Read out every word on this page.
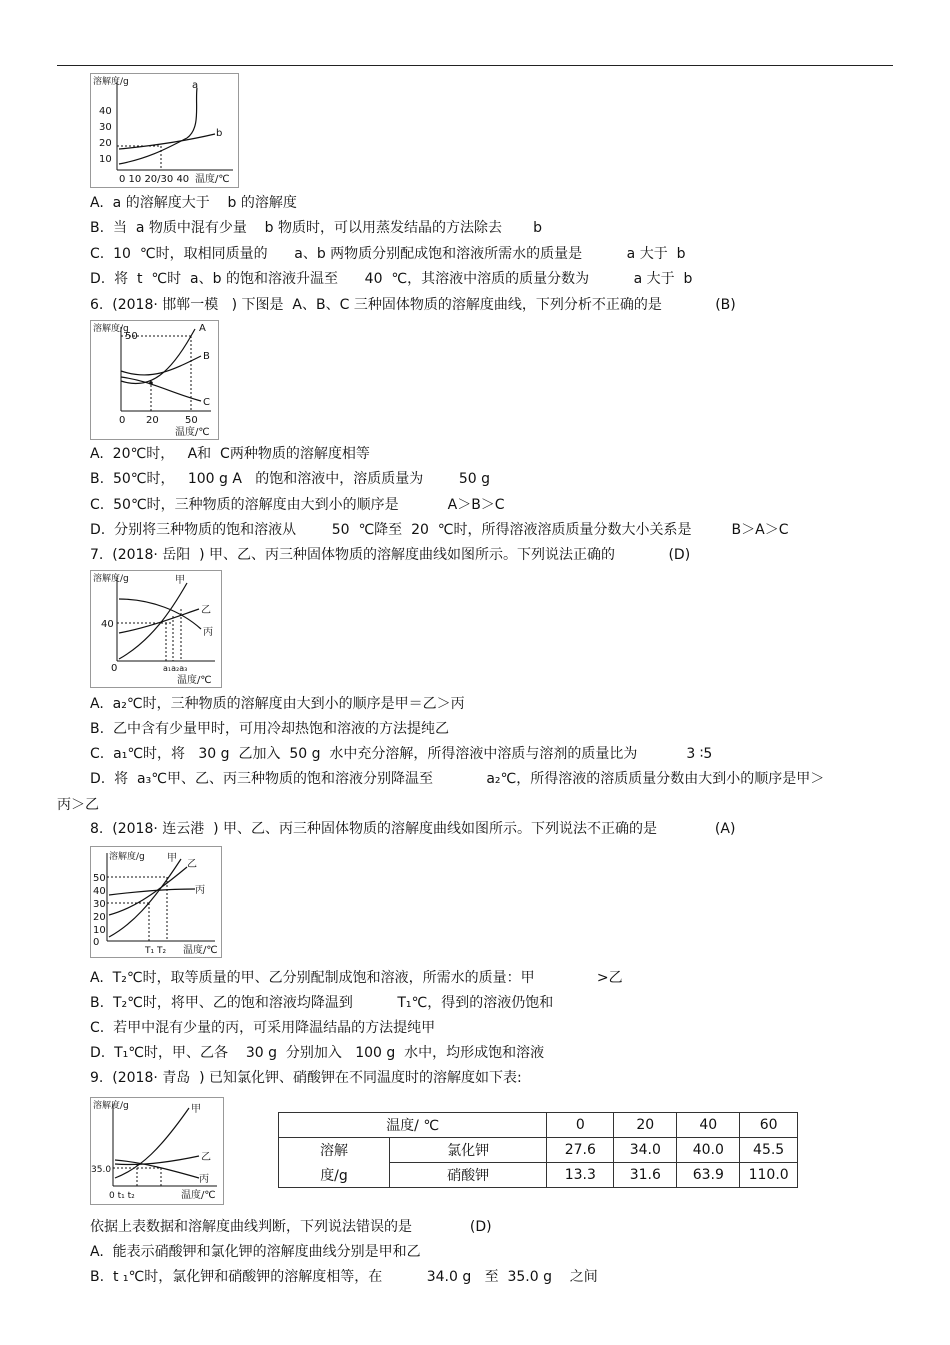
溶解度/g
40
30
20
10
a
b
0 10 20/30 40 温度/℃
A.  a 的溶解度大于    b 的溶解度
B.  当  a 物质中混有少量    b 物质时，可以用蒸发结晶的方法除去       b
C.  10  ℃时，取相同质量的      a、b 两物质分别配成饱和溶液所需水的质量是          a 大于  b
D.  将  t  ℃时  a、b 的饱和溶液升温至      40  ℃，其溶液中溶质的质量分数为          a 大于  b
6.  (2018· 邯郸一模   ) 下图是  A、B、C 三种固体物质的溶解度曲线，下列分析不正确的是            (B)
溶解度/g
50
A
B
C
0 20	50
温度/℃
A.  20℃时，   A和  C两种物质的溶解度相等
B.  50℃时，   100 g A   的饱和溶液中，溶质质量为        50 g
C.  50℃时，三种物质的溶解度由大到小的顺序是           A＞B＞C
D.  分别将三种物质的饱和溶液从        50  ℃降至  20  ℃时，所得溶液溶质质量分数大小关系是         B＞A＞C
7.  (2018· 岳阳  ) 甲、乙、丙三种固体物质的溶解度曲线如图所示。下列说法正确的            (D)
溶解度/g
40
甲
乙
丙
0	a₁a₂a₃
温度/℃
A.  a₂℃时，三种物质的溶解度由大到小的顺序是甲＝乙＞丙
B.  乙中含有少量甲时，可用冷却热饱和溶液的方法提纯乙
C.  a₁℃时，将   30 g  乙加入  50 g  水中充分溶解，所得溶液中溶质与溶剂的质量比为           3 ∶5
D.  将  a₃℃甲、乙、丙三种物质的饱和溶液分别降温至            a₂℃，所得溶液的溶质质量分数由大到小的顺序是甲＞
丙＞乙
8.  (2018· 连云港  ) 甲、乙、丙三种固体物质的溶解度曲线如图所示。下列说法不正确的是             (A)
溶解度/g
50
40
30
20
10
0
甲
乙
丙
T₁ T₂ 温度/℃
A.  T₂℃时，取等质量的甲、乙分别配制成饱和溶液，所需水的质量：甲              >乙
B.  T₂℃时，将甲、乙的饱和溶液均降温到          T₁℃，得到的溶液仍饱和
C.  若甲中混有少量的丙，可采用降温结晶的方法提纯甲
D.  T₁℃时，甲、乙各    30 g  分别加入   100 g  水中，均形成饱和溶液
9.  (2018· 青岛  ) 已知氯化钾、硝酸钾在不同温度时的溶解度如下表:
溶解度/g
35.0
甲
乙
丙
0 t₁ t₂	温度/℃
温度/ ℃		0	20	40	60
溶解	氯化钾	27.6	34.0	40.0	45.5
度/g	硝酸钾	13.3	31.6	63.9	110.0
依据上表数据和溶解度曲线判断，下列说法错误的是             (D)
A.  能表示硝酸钾和氯化钾的溶解度曲线分别是甲和乙
B.  t ₁℃时，氯化钾和硝酸钾的溶解度相等，在          34.0 g   至  35.0 g    之间
